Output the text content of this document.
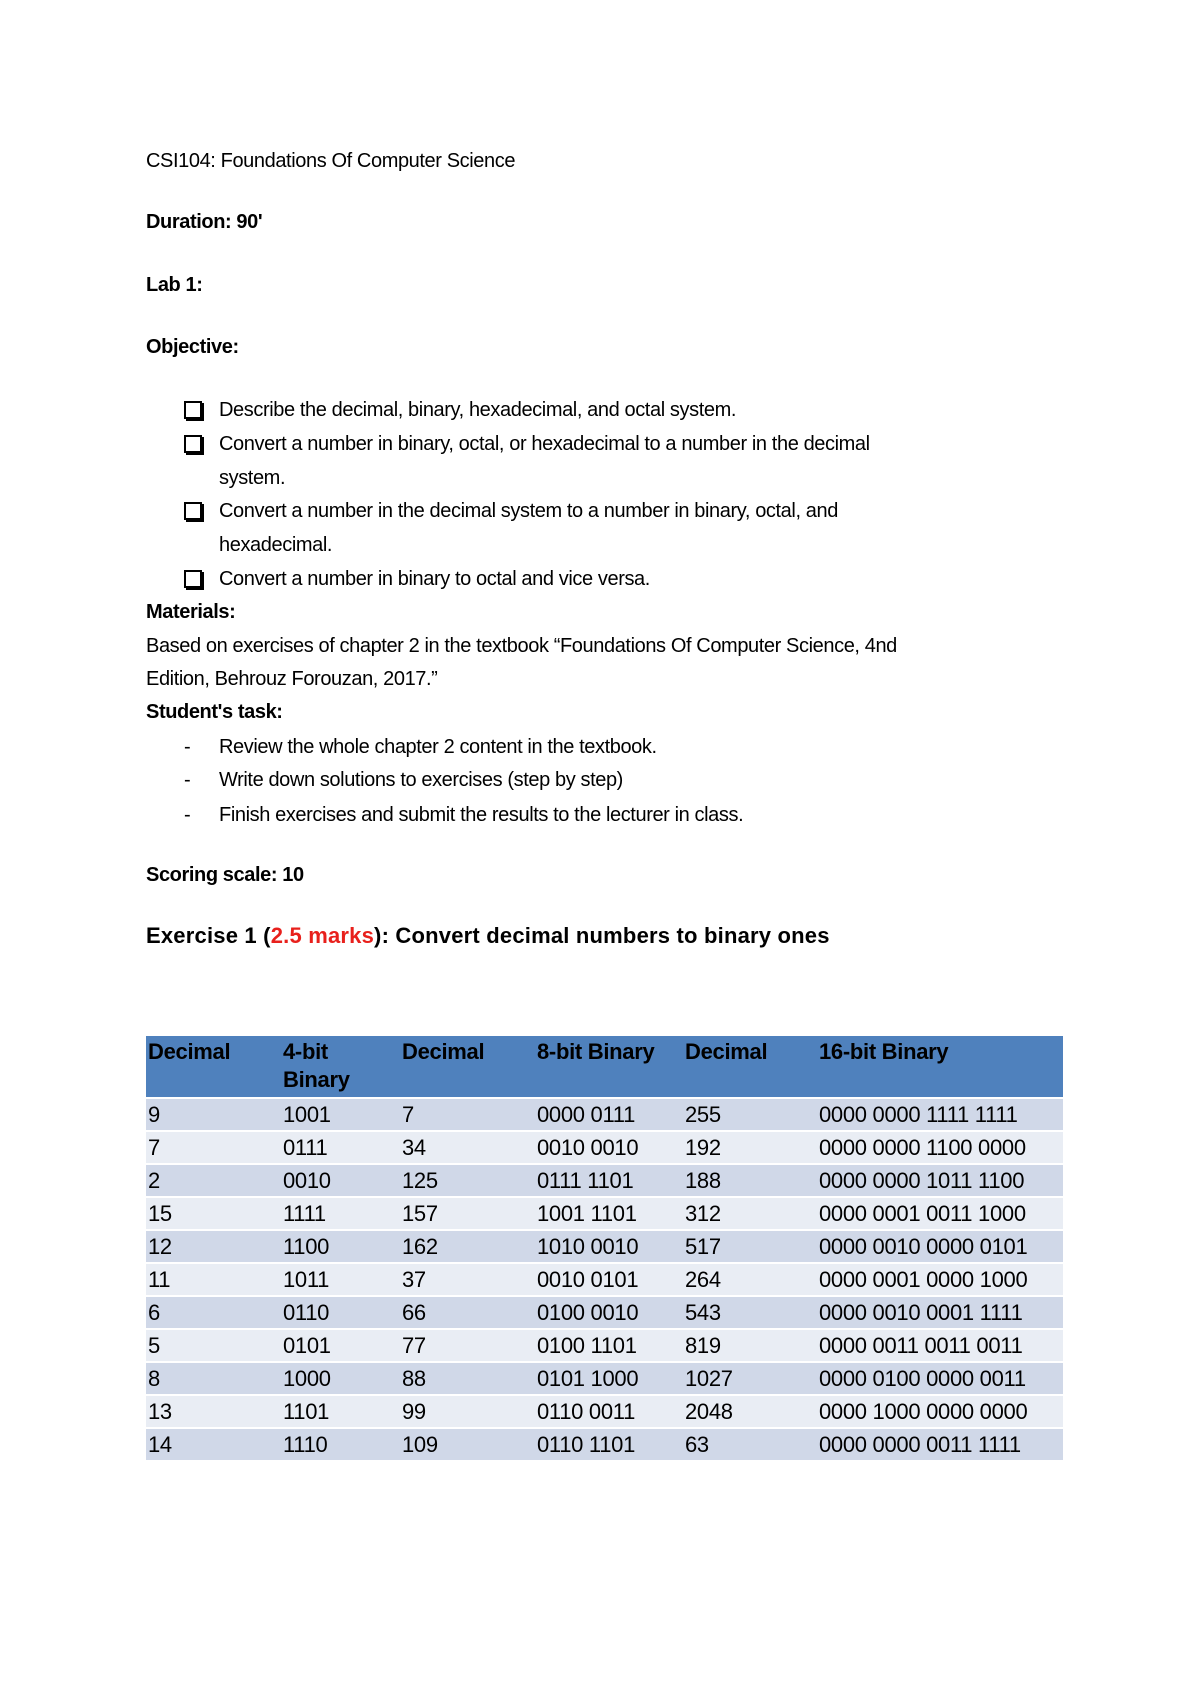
CSI104: Foundations Of Computer Science
Duration: 90'
Lab 1:
Objective:
Describe the decimal, binary, hexadecimal, and octal system.
Convert a number in binary, octal, or hexadecimal to a number in the decimal
system.
Convert a number in the decimal system to a number in binary, octal, and
hexadecimal.
Convert a number in binary to octal and vice versa.
Materials:
Based on exercises of chapter 2 in the textbook “Foundations Of Computer Science, 4nd
Edition, Behrouz Forouzan, 2017.”
Student's task:
- Review the whole chapter 2 content in the textbook.
- Write down solutions to exercises (step by step)
- Finish exercises and submit the results to the lecturer in class.
Scoring scale: 10
Exercise 1 (2.5 marks): Convert decimal numbers to binary ones
Decimal	4-bit Binary	Decimal	8-bit Binary	Decimal	16-bit Binary
9	1001	7	0000 0111	255	0000 0000 1111 1111
7	0111	34	0010 0010	192	0000 0000 1100 0000
2	0010	125	0111 1101	188	0000 0000 1011 1100
15	1111	157	1001 1101	312	0000 0001 0011 1000
12	1100	162	1010 0010	517	0000 0010 0000 0101
11	1011	37	0010 0101	264	0000 0001 0000 1000
6	0110	66	0100 0010	543	0000 0010 0001 1111
5	0101	77	0100 1101	819	0000 0011 0011 0011
8	1000	88	0101 1000	1027	0000 0100 0000 0011
13	1101	99	0110 0011	2048	0000 1000 0000 0000
14	1110	109	0110 1101	63	0000 0000 0011 1111
